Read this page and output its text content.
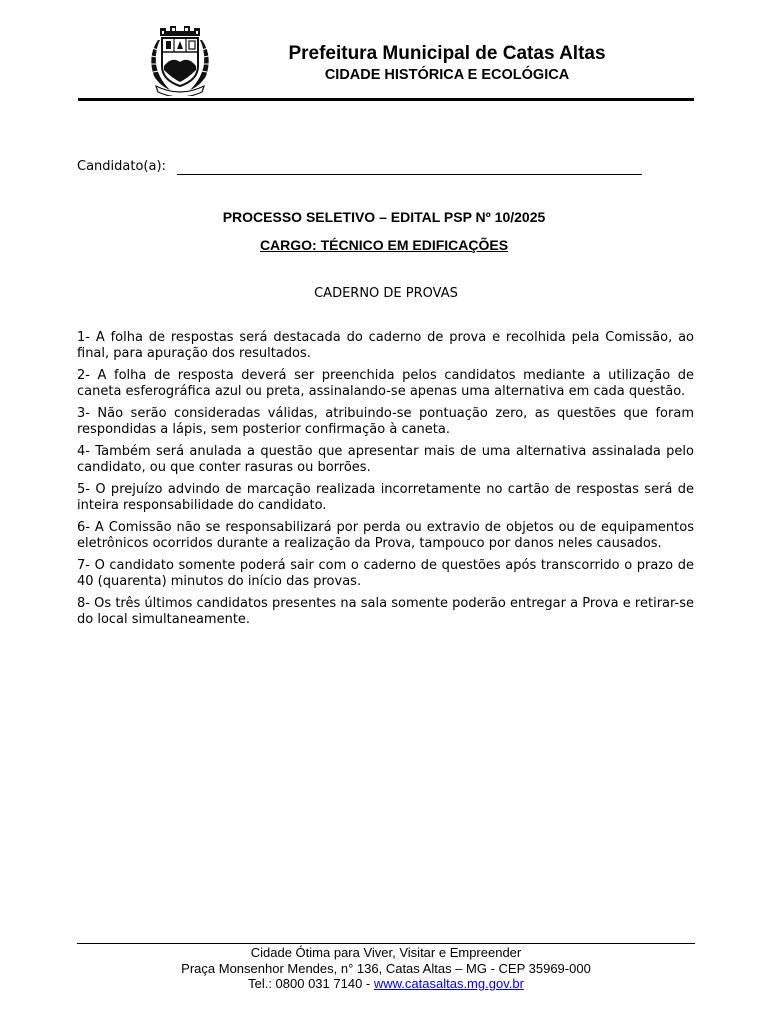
Prefeitura Municipal de Catas Altas
CIDADE HISTÓRICA E ECOLÓGICA
Candidato(a):
PROCESSO SELETIVO – EDITAL PSP Nº 10/2025
CARGO: TÉCNICO EM EDIFICAÇÕES
CADERNO DE PROVAS

1- A folha de respostas será destacada do caderno de prova e recolhida pela Comissão, ao final, para apuração dos resultados.

2- A folha de resposta deverá ser preenchida pelos candidatos mediante a utilização de caneta esferográfica azul ou preta, assinalando-se apenas uma alternativa em cada questão.

3- Não serão consideradas válidas, atribuindo-se pontuação zero, as questões que foram respondidas a lápis, sem posterior confirmação à caneta.

4- Também será anulada a questão que apresentar mais de uma alternativa assinalada pelo candidato, ou que conter rasuras ou borrões.

5- O prejuízo advindo de marcação realizada incorretamente no cartão de respostas será de inteira responsabilidade do candidato.

6- A Comissão não se responsabilizará por perda ou extravio de objetos ou de equipamentos eletrônicos ocorridos durante a realização da Prova, tampouco por danos neles causados.

7- O candidato somente poderá sair com o caderno de questões após transcorrido o prazo de 40 (quarenta) minutos do início das provas.

8- Os três últimos candidatos presentes na sala somente poderão entregar a Prova e retirar-se do local simultaneamente.

Cidade Ótima para Viver, Visitar e Empreender
Praça Monsenhor Mendes, n° 136, Catas Altas – MG - CEP 35969-000
Tel.: 0800 031 7140 - www.catasaltas.mg.gov.br
